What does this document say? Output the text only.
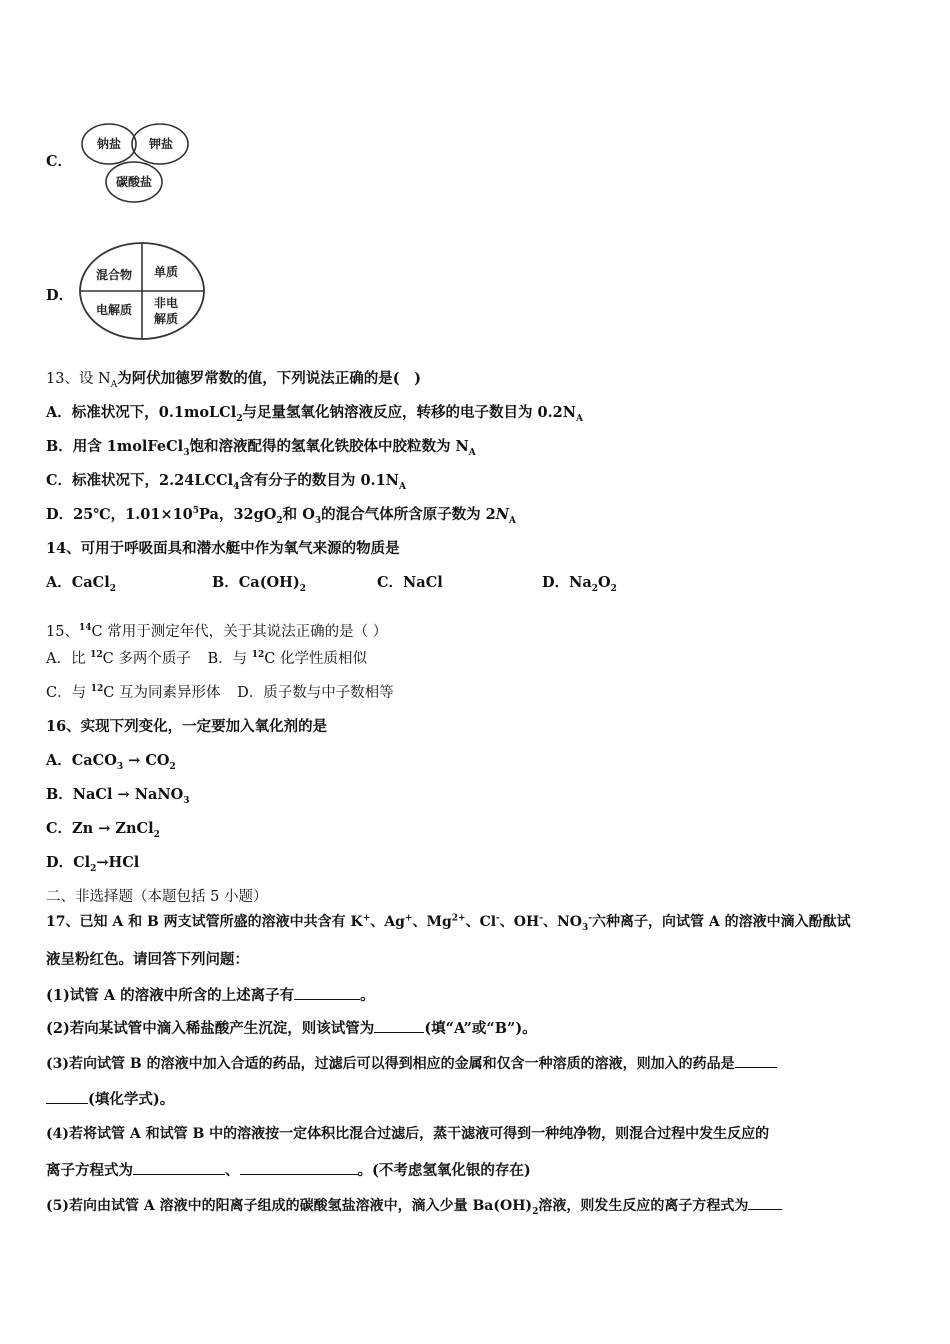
C．
钠盐 钾盐
碳酸盐
D．
混合物 单质
电解质 非电
解质
13、设 $N_A$为阿伏加德罗常数的值，下列说法正确的是(　)
A．标准状况下，0.1moLCl$_2$与足量氢氧化钠溶液反应，转移的电子数目为 $0.2N_A$
B．用含 1molFeCl$_3$饱和溶液配得的氢氧化铁胶体中胶粒数为 $N_A$
C．标准状况下，2.24LCCl$_4$含有分子的数目为 $0.1N_A$
D．25℃，$1.01\times 10^5Pa$，$32gO_2$和 $O_3$的混合气体所含原子数为 $2N_A$
14、可用于呼吸面具和潜水艇中作为氧气来源的物质是
A．CaCl$_2$	B．$Ca(OH)_2$	C．NaCl	D．$Na_2O_2$
15、$^{14}$C 常用于测定年代，关于其说法正确的是（ ）
A．比 $^{12}$C 多两个质子 B．与 $^{12}$C 化学性质相似
C．与 $^{12}$C 互为同素异形体 D．质子数与中子数相等
16、实现下列变化，一定要加入氧化剂的是
A．CaCO$_3$ → $CO_2$
B．NaCl → NaNO$_3$
C．Zn → ZnCl$_2$
D．$Cl_2\to HCl$
二、非选择题（本题包括 5 小题）
17、已知 A 和 B 两支试管所盛的溶液中共含有 K+、Ag+、$Mg^{2+}$、Cl-、OH-、$NO_3^-$六种离子，向试管 A 的溶液中滴入酚酞试
液呈粉红色。请回答下列问题：
(1)试管 A 的溶液中所含的上述离子有	。
(2)若向某试管中滴入稀盐酸产生沉淀，则该试管为	(填“A”或“B”)。
(3)若向试管 B 的溶液中加入合适的药品，过滤后可以得到相应的金属和仅含一种溶质的溶液，则加入的药品是
(填化学式)。
(4)若将试管 A 和试管 B 中的溶液按一定体积比混合过滤后，蒸干滤液可得到一种纯净物，则混合过程中发生反应的
离子方程式为	、	。(不考虑氢氧化银的存在)
(5)若向由试管 A 溶液中的阳离子组成的碳酸氢盐溶液中，滴入少量 $Ba(OH)_2$溶液，则发生反应的离子方程式为
